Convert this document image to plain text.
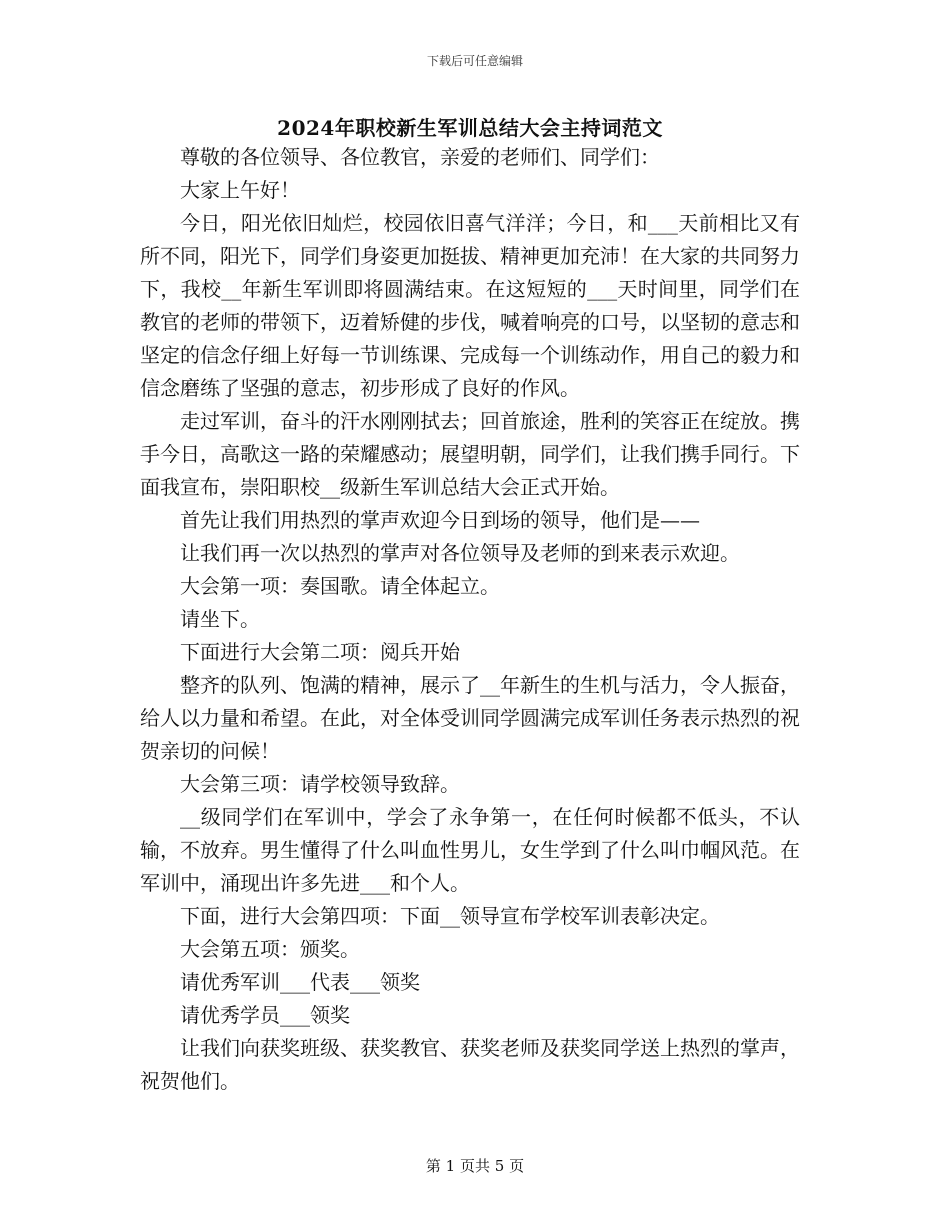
下载后可任意编辑
2024年职校新生军训总结大会主持词范文

尊敬的各位领导、各位教官，亲爱的老师们、同学们：

大家上午好！

今日，阳光依旧灿烂，校园依旧喜气洋洋；今日，和___天前相比又有所不同，阳光下，同学们身姿更加挺拔、精神更加充沛！在大家的共同努力下，我校__年新生军训即将圆满结束。在这短短的___天时间里，同学们在教官的老师的带领下，迈着矫健的步伐，喊着响亮的口号，以坚韧的意志和坚定的信念仔细上好每一节训练课、完成每一个训练动作，用自己的毅力和信念磨练了坚强的意志，初步形成了良好的作风。

走过军训，奋斗的汗水刚刚拭去；回首旅途，胜利的笑容正在绽放。携手今日，高歌这一路的荣耀感动；展望明朝，同学们，让我们携手同行。下面我宣布，崇阳职校__级新生军训总结大会正式开始。

首先让我们用热烈的掌声欢迎今日到场的领导，他们是——

让我们再一次以热烈的掌声对各位领导及老师的到来表示欢迎。

大会第一项：奏国歌。请全体起立。

请坐下。

下面进行大会第二项：阅兵开始

整齐的队列、饱满的精神，展示了__年新生的生机与活力，令人振奋，给人以力量和希望。在此，对全体受训同学圆满完成军训任务表示热烈的祝贺亲切的问候！

大会第三项：请学校领导致辞。

__级同学们在军训中，学会了永争第一，在任何时候都不低头，不认输，不放弃。男生懂得了什么叫血性男儿，女生学到了什么叫巾帼风范。在军训中，涌现出许多先进___和个人。

下面，进行大会第四项：下面__领导宣布学校军训表彰决定。

大会第五项：颁奖。

请优秀军训___代表___领奖

请优秀学员___领奖

让我们向获奖班级、获奖教官、获奖老师及获奖同学送上热烈的掌声，祝贺他们。

第 1 页共 5 页
